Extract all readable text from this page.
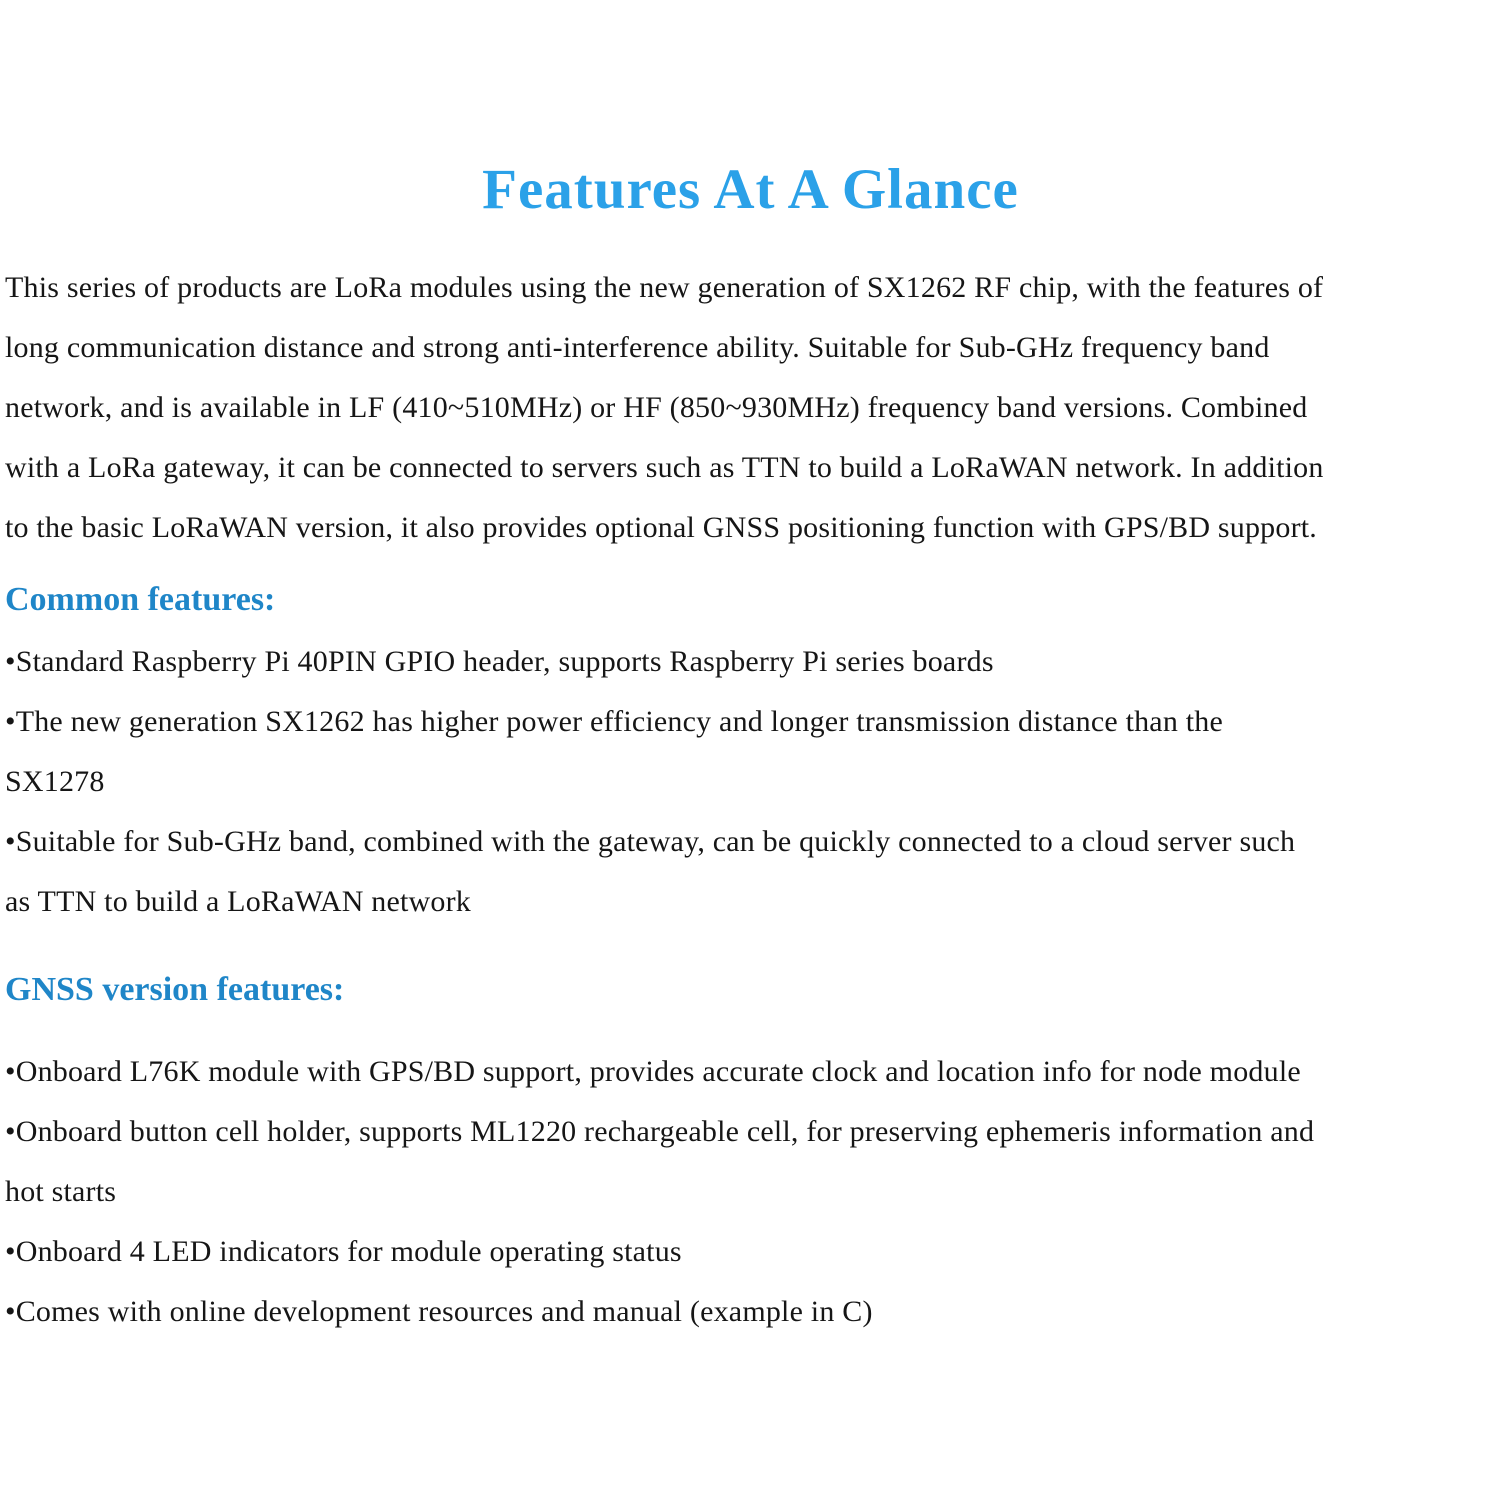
Features At A Glance
This series of products are LoRa modules using the new generation of SX1262 RF chip, with the features of
long communication distance and strong anti-interference ability. Suitable for Sub-GHz frequency band
network, and is available in LF (410~510MHz) or HF (850~930MHz) frequency band versions. Combined
with a LoRa gateway, it can be connected to servers such as TTN to build a LoRaWAN network. In addition
to the basic LoRaWAN version, it also provides optional GNSS positioning function with GPS/BD support.
Common features:
•Standard Raspberry Pi 40PIN GPIO header, supports Raspberry Pi series boards
•The new generation SX1262 has higher power efficiency and longer transmission distance than the
SX1278
•Suitable for Sub-GHz band, combined with the gateway, can be quickly connected to a cloud server such
as TTN to build a LoRaWAN network
GNSS version features:
•Onboard L76K module with GPS/BD support, provides accurate clock and location info for node module
•Onboard button cell holder, supports ML1220 rechargeable cell, for preserving ephemeris information and
hot starts
•Onboard 4 LED indicators for module operating status
•Comes with online development resources and manual (example in C)
